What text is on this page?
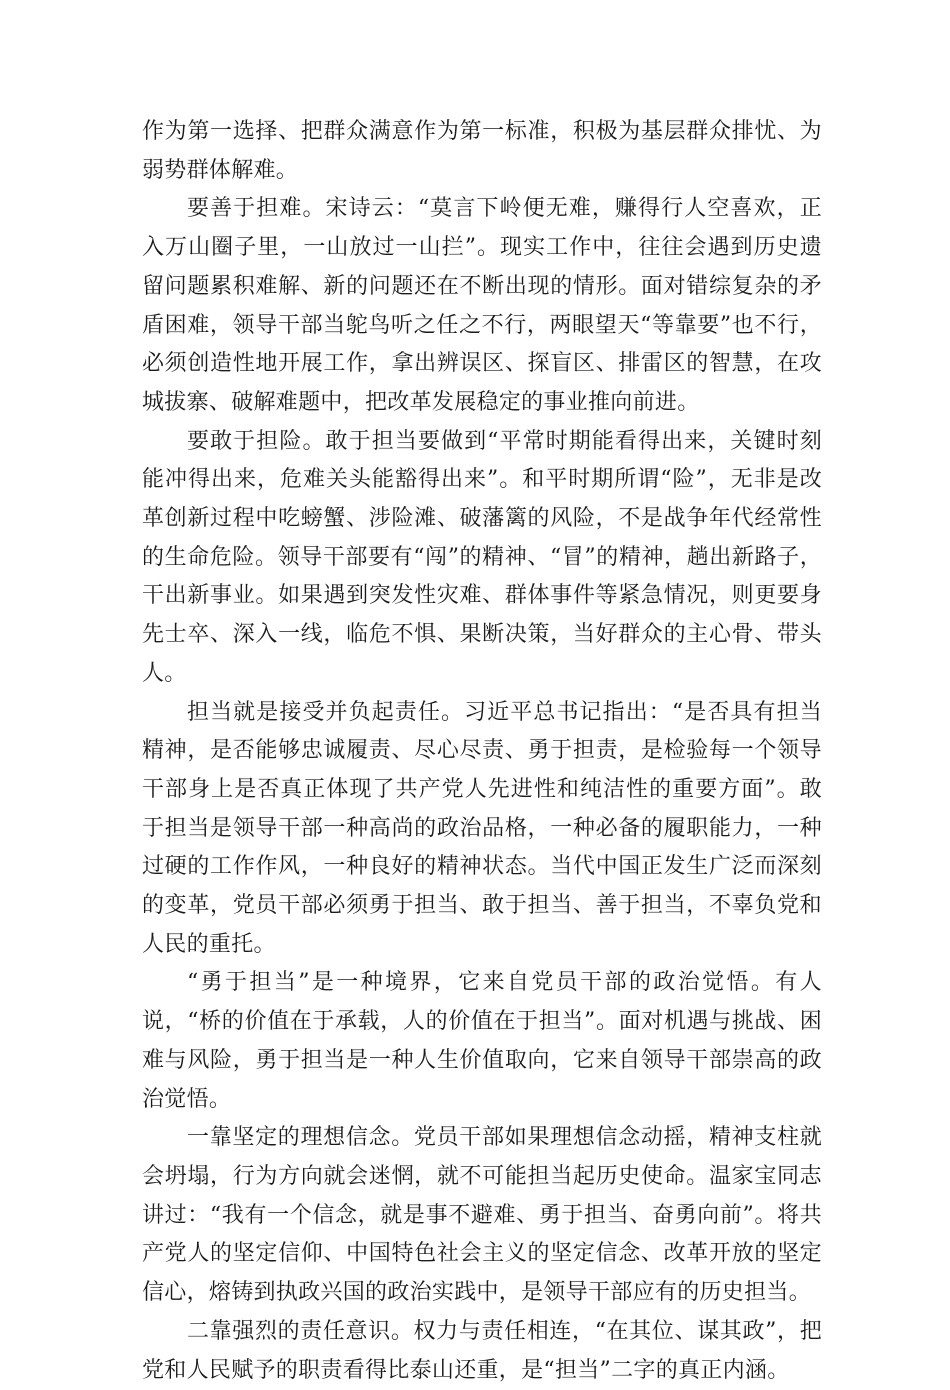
作为第一选择、把群众满意作为第一标准，积极为基层群众排忧、为弱势群体解难。

要善于担难。宋诗云：“莫言下岭便无难，赚得行人空喜欢，正入万山圈子里，一山放过一山拦”。现实工作中，往往会遇到历史遗留问题累积难解、新的问题还在不断出现的情形。面对错综复杂的矛盾困难，领导干部当鸵鸟听之任之不行，两眼望天“等靠要”也不行，必须创造性地开展工作，拿出辨误区、探盲区、排雷区的智慧，在攻城拔寨、破解难题中，把改革发展稳定的事业推向前进。

要敢于担险。敢于担当要做到“平常时期能看得出来，关键时刻能冲得出来，危难关头能豁得出来”。和平时期所谓“险”，无非是改革创新过程中吃螃蟹、涉险滩、破藩篱的风险，不是战争年代经常性的生命危险。领导干部要有“闯”的精神、“冒”的精神，趟出新路子，干出新事业。如果遇到突发性灾难、群体事件等紧急情况，则更要身先士卒、深入一线，临危不惧、果断决策，当好群众的主心骨、带头人。

担当就是接受并负起责任。习近平总书记指出：“是否具有担当精神，是否能够忠诚履责、尽心尽责、勇于担责，是检验每一个领导干部身上是否真正体现了共产党人先进性和纯洁性的重要方面”。敢于担当是领导干部一种高尚的政治品格，一种必备的履职能力，一种过硬的工作作风，一种良好的精神状态。当代中国正发生广泛而深刻的变革，党员干部必须勇于担当、敢于担当、善于担当，不辜负党和人民的重托。

“勇于担当”是一种境界，它来自党员干部的政治觉悟。有人说，“桥的价值在于承载，人的价值在于担当”。面对机遇与挑战、困难与风险，勇于担当是一种人生价值取向，它来自领导干部崇高的政治觉悟。

一靠坚定的理想信念。党员干部如果理想信念动摇，精神支柱就会坍塌，行为方向就会迷惘，就不可能担当起历史使命。温家宝同志讲过：“我有一个信念，就是事不避难、勇于担当、奋勇向前”。将共产党人的坚定信仰、中国特色社会主义的坚定信念、改革开放的坚定信心，熔铸到执政兴国的政治实践中，是领导干部应有的历史担当。

二靠强烈的责任意识。权力与责任相连，“在其位、谋其政”，把党和人民赋予的职责看得比泰山还重，是“担当”二字的真正内涵。
